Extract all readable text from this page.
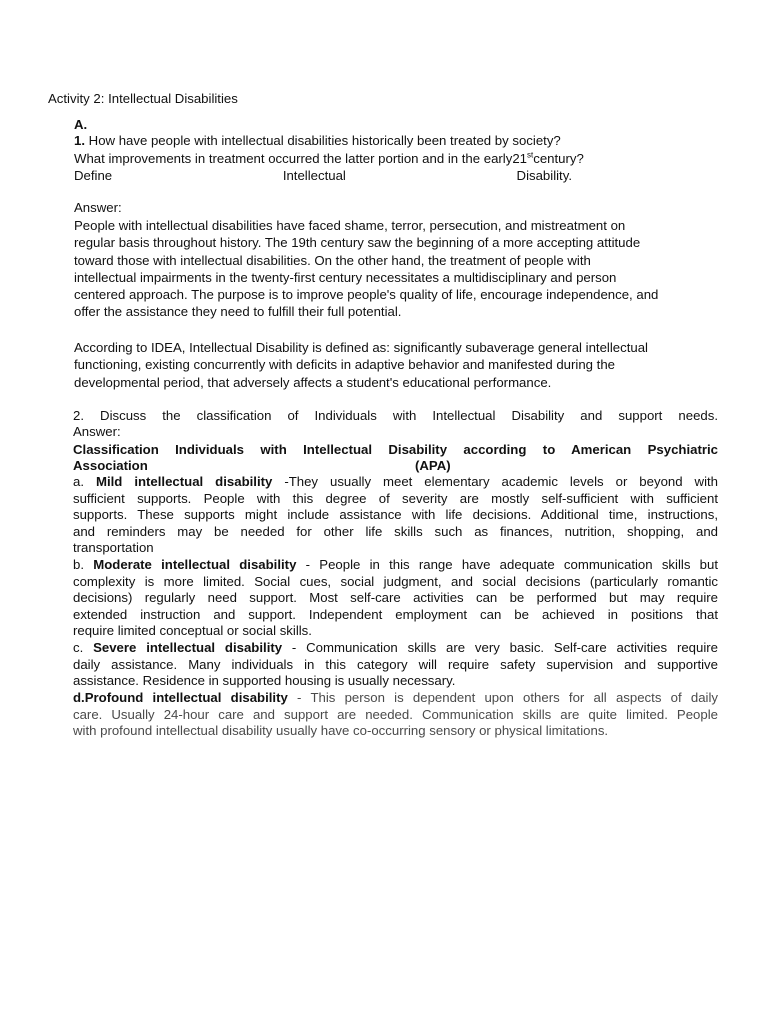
Activity 2: Intellectual Disabilities
A.
1. How have people with intellectual disabilities historically been treated by society?
What improvements in treatment occurred the latter portion and in the early21stcentury?
Define	Intellectual	Disability.
Answer:
People with intellectual disabilities have faced shame, terror, persecution, and mistreatment on
regular basis throughout history. The 19th century saw the beginning of a more accepting attitude
toward those with intellectual disabilities. On the other hand, the treatment of people with
intellectual impairments in the twenty-first century necessitates a multidisciplinary and person
centered approach. The purpose is to improve people's quality of life, encourage independence, and
offer the assistance they need to fulfill their full potential.
According to IDEA, Intellectual Disability is defined as: significantly subaverage general intellectual
functioning, existing concurrently with deficits in adaptive behavior and manifested during the
developmental period, that adversely affects a student's educational performance.
2. Discuss the classification of Individuals with Intellectual Disability and support needs.
Answer:
Classification Individuals with Intellectual Disability according to American Psychiatric
Association	(APA)
a. Mild intellectual disability -They usually meet elementary academic levels or beyond with
sufficient supports. People with this degree of severity are mostly self-sufficient with sufficient
supports. These supports might include assistance with life decisions. Additional time, instructions,
and reminders may be needed for other life skills such as finances, nutrition, shopping, and
transportation
b. Moderate intellectual disability - People in this range have adequate communication skills but
complexity is more limited. Social cues, social judgment, and social decisions (particularly romantic
decisions) regularly need support. Most self-care activities can be performed but may require
extended instruction and support. Independent employment can be achieved in positions that
require limited conceptual or social skills.
c. Severe intellectual disability - Communication skills are very basic. Self-care activities require
daily assistance. Many individuals in this category will require safety supervision and supportive
assistance. Residence in supported housing is usually necessary.
d.Profound intellectual disability - This person is dependent upon others for all aspects of daily
care. Usually 24-hour care and support are needed. Communication skills are quite limited. People
with profound intellectual disability usually have co-occurring sensory or physical limitations.
